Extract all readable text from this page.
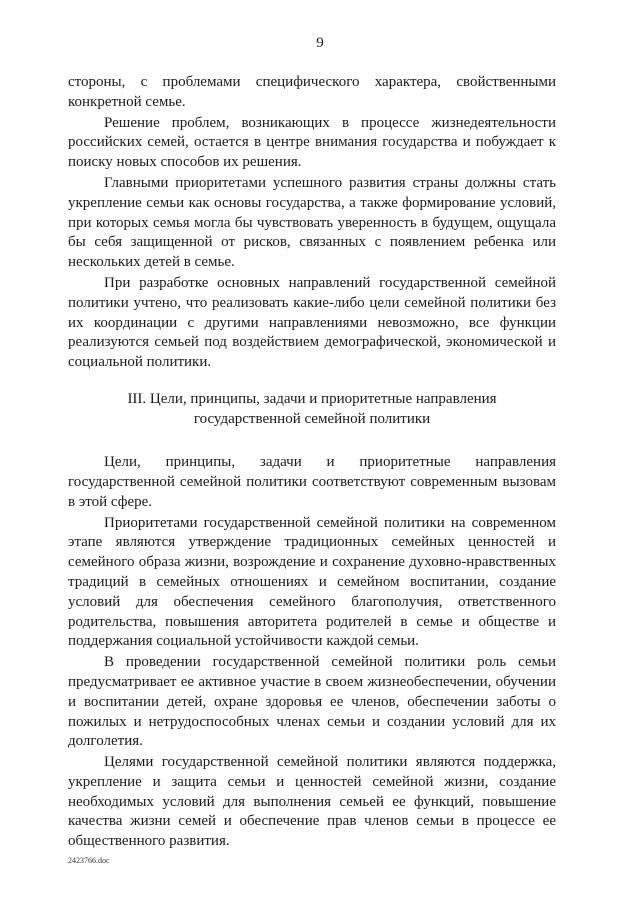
9

стороны, с проблемами специфического характера, свойственными конкретной семье.

Решение проблем, возникающих в процессе жизнедеятельности российских семей, остается в центре внимания государства и побуждает к поиску новых способов их решения.

Главными приоритетами успешного развития страны должны стать укрепление семьи как основы государства, а также формирование условий, при которых семья могла бы чувствовать уверенность в будущем, ощущала бы себя защищенной от рисков, связанных с появлением ребенка или нескольких детей в семье.

При разработке основных направлений государственной семейной политики учтено, что реализовать какие-либо цели семейной политики без их координации с другими направлениями невозможно, все функции реализуются семьей под воздействием демографической, экономической и социальной политики.

III. Цели, принципы, задачи и приоритетные направления
государственной семейной политики

Цели, принципы, задачи и приоритетные направления государственной семейной политики соответствуют современным вызовам в этой сфере.

Приоритетами государственной семейной политики на современном этапе являются утверждение традиционных семейных ценностей и семейного образа жизни, возрождение и сохранение духовно-нравственных традиций в семейных отношениях и семейном воспитании, создание условий для обеспечения семейного благополучия, ответственного родительства, повышения авторитета родителей в семье и обществе и поддержания социальной устойчивости каждой семьи.

В проведении государственной семейной политики роль семьи предусматривает ее активное участие в своем жизнеобеспечении, обучении и воспитании детей, охране здоровья ее членов, обеспечении заботы о пожилых и нетрудоспособных членах семьи и создании условий для их долголетия.

Целями государственной семейной политики являются поддержка, укрепление и защита семьи и ценностей семейной жизни, создание необходимых условий для выполнения семьей ее функций, повышение качества жизни семей и обеспечение прав членов семьи в процессе ее общественного развития.

2423766.doc
